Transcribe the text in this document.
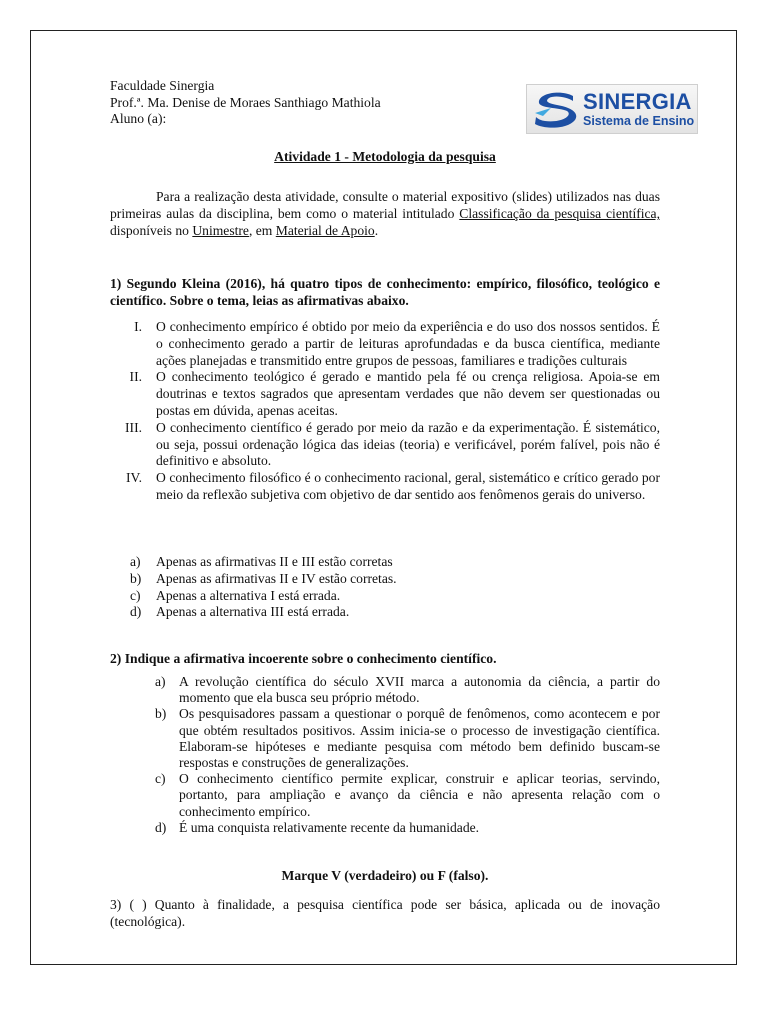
Faculdade Sinergia
Prof.ª. Ma. Denise de Moraes Santhiago Mathiola
Aluno (a):
SINERGIA
Sistema de Ensino
Atividade 1 - Metodologia da pesquisa
Para a realização desta atividade, consulte o material expositivo (slides) utilizados nas duas primeiras aulas da disciplina, bem como o material intitulado Classificação da pesquisa científica, disponíveis no Unimestre, em Material de Apoio.
1) Segundo Kleina (2016), há quatro tipos de conhecimento: empírico, filosófico, teológico e científico. Sobre o tema, leias as afirmativas abaixo.
I. O conhecimento empírico é obtido por meio da experiência e do uso dos nossos sentidos. É o conhecimento gerado a partir de leituras aprofundadas e da busca científica, mediante ações planejadas e transmitido entre grupos de pessoas, familiares e tradições culturais
II. O conhecimento teológico é gerado e mantido pela fé ou crença religiosa. Apoia-se em doutrinas e textos sagrados que apresentam verdades que não devem ser questionadas ou postas em dúvida, apenas aceitas.
III. O conhecimento científico é gerado por meio da razão e da experimentação. É sistemático, ou seja, possui ordenação lógica das ideias (teoria) e verificável, porém falível, pois não é definitivo e absoluto.
IV. O conhecimento filosófico é o conhecimento racional, geral, sistemático e crítico gerado por meio da reflexão subjetiva com objetivo de dar sentido aos fenômenos gerais do universo.
a) Apenas as afirmativas II e III estão corretas
b) Apenas as afirmativas II e IV estão corretas.
c) Apenas a alternativa I está errada.
d) Apenas a alternativa III está errada.
2) Indique a afirmativa incoerente sobre o conhecimento científico.
a) A revolução científica do século XVII marca a autonomia da ciência, a partir do momento que ela busca seu próprio método.
b) Os pesquisadores passam a questionar o porquê de fenômenos, como acontecem e por que obtém resultados positivos. Assim inicia-se o processo de investigação científica. Elaboram-se hipóteses e mediante pesquisa com método bem definido buscam-se respostas e construções de generalizações.
c) O conhecimento científico permite explicar, construir e aplicar teorias, servindo, portanto, para ampliação e avanço da ciência e não apresenta relação com o conhecimento empírico.
d) É uma conquista relativamente recente da humanidade.
Marque V (verdadeiro) ou F (falso).
3) ( ) Quanto à finalidade, a pesquisa científica pode ser básica, aplicada ou de inovação (tecnológica).
